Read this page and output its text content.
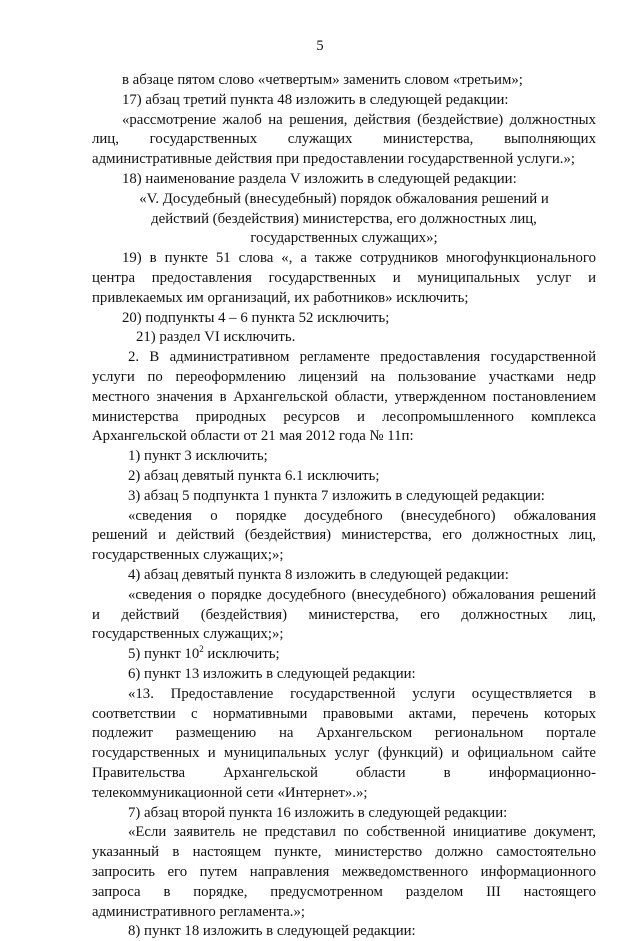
5
в абзаце пятом слово «четвертым» заменить словом «третьим»;
17) абзац третий пункта 48 изложить в следующей редакции:
«рассмотрение жалоб на решения, действия (бездействие) должностных
лиц, государственных служащих министерства, выполняющих
административные действия при предоставлении государственной услуги.»;
18) наименование раздела V изложить в следующей редакции:
«V. Досудебный (внесудебный) порядок обжалования решений и
действий (бездействия) министерства, его должностных лиц,
государственных служащих»;
19) в пункте 51 слова «, а также сотрудников многофункционального
центра предоставления государственных и муниципальных услуг и
привлекаемых им организаций, их работников» исключить;
20) подпункты 4 – 6 пункта 52 исключить;
21) раздел VI исключить.
2. В административном регламенте предоставления государственной
услуги по переоформлению лицензий на пользование участками недр
местного значения в Архангельской области, утвержденном постановлением
министерства природных ресурсов и лесопромышленного комплекса
Архангельской области от 21 мая 2012 года № 11п:
1) пункт 3 исключить;
2) абзац девятый пункта 6.1 исключить;
3) абзац 5 подпункта 1 пункта 7 изложить в следующей редакции:
«сведения о порядке досудебного (внесудебного) обжалования
решений и действий (бездействия) министерства, его должностных лиц,
государственных служащих;»;
4) абзац девятый пункта 8 изложить в следующей редакции:
«сведения о порядке досудебного (внесудебного) обжалования решений
и действий (бездействия) министерства, его должностных лиц,
государственных служащих;»;
5) пункт $10^2$ исключить;
6) пункт 13 изложить в следующей редакции:
«13. Предоставление государственной услуги осуществляется в
соответствии с нормативными правовыми актами, перечень которых
подлежит размещению на Архангельском региональном портале
государственных и муниципальных услуг (функций) и официальном сайте
Правительства Архангельской области в информационно-
телекоммуникационной сети «Интернет».»;
7) абзац второй пункта 16 изложить в следующей редакции:
«Если заявитель не представил по собственной инициативе документ,
указанный в настоящем пункте, министерство должно самостоятельно
запросить его путем направления межведомственного информационного
запроса в порядке, предусмотренном разделом III настоящего
административного регламента.»;
8) пункт 18 изложить в следующей редакции:
